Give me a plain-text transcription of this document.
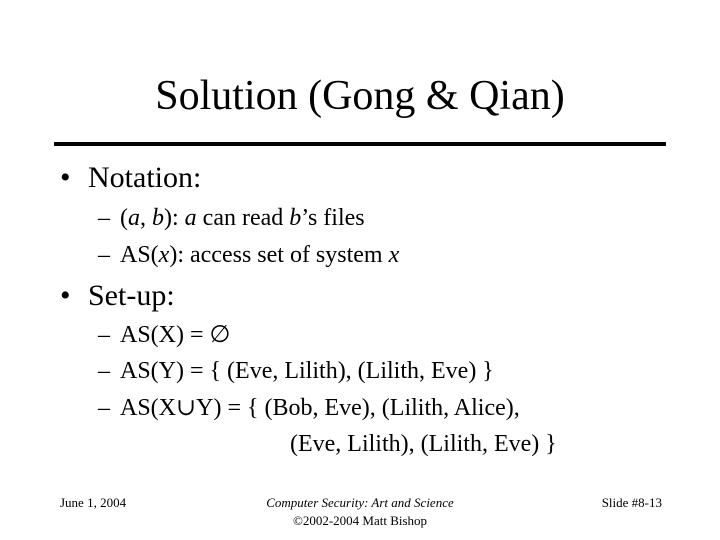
Solution (Gong & Qian)
• Notation:
– (a, b): a can read b’s files
– AS(x): access set of system x
• Set-up:
– AS(X) = ∅
– AS(Y) = { (Eve, Lilith), (Lilith, Eve) }
– AS(X∪Y) = { (Bob, Eve), (Lilith, Alice),
(Eve, Lilith), (Lilith, Eve) }
June 1, 2004	Computer Security: Art and Science
©2002-2004 Matt Bishop
Slide #8-13
